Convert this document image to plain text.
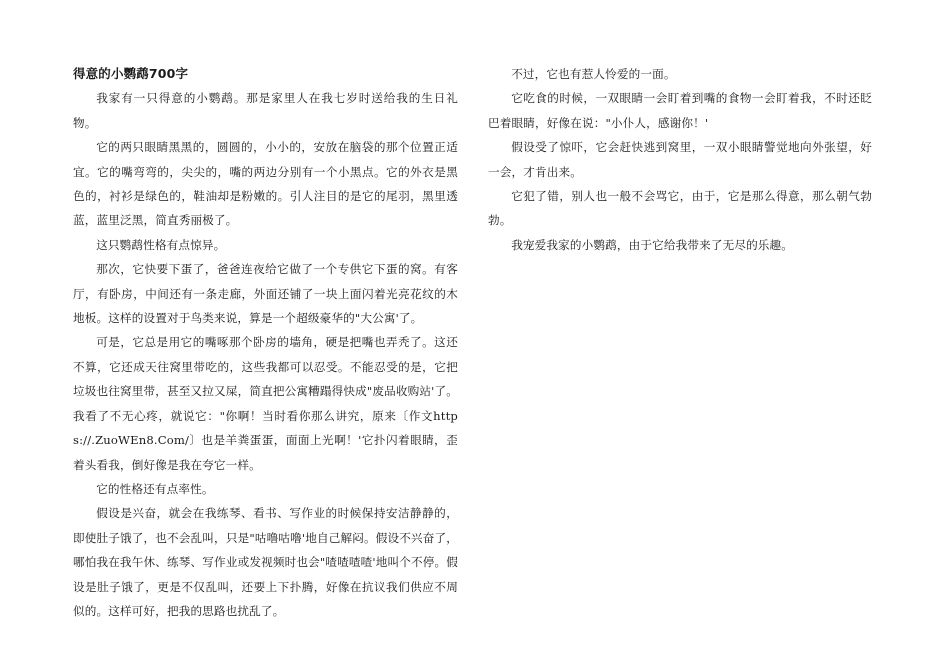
得意的小鹦鹉700字

我家有一只得意的小鹦鹉。那是家里人在我七岁时送给我的生日礼物。

它的两只眼睛黑黑的，圆圆的，小小的，安放在脑袋的那个位置正适宜。它的嘴弯弯的，尖尖的，嘴的两边分别有一个小黑点。它的外衣是黑色的，衬衫是绿色的，鞋油却是粉嫩的。引人注目的是它的尾羽，黑里透蓝，蓝里泛黑，简直秀丽极了。

这只鹦鹉性格有点惊异。

那次，它快要下蛋了，爸爸连夜给它做了一个专供它下蛋的窝。有客厅，有卧房，中间还有一条走廊，外面还铺了一块上面闪着光亮花纹的木地板。这样的设置对于鸟类来说，算是一个超级豪华的"大公寓'了。

可是，它总是用它的嘴啄那个卧房的墙角，硬是把嘴也弄秃了。这还不算，它还成天往窝里带吃的，这些我都可以忍受。不能忍受的是，它把垃圾也往窝里带，甚至又拉又屎，简直把公寓糟蹋得快成"废品收购站'了。我看了不无心疼，就说它："你啊！当时看你那么讲究，原来〔作文https://.ZuoWEn8.Com/〕也是羊粪蛋蛋，面面上光啊！'它扑闪着眼睛，歪着头看我，倒好像是我在夸它一样。

它的性格还有点率性。

假设是兴奋，就会在我练琴、看书、写作业的时候保持安洁静静的，即使肚子饿了，也不会乱叫，只是"咕噜咕噜'地自己解闷。假设不兴奋了，哪怕我在我午休、练琴、写作业或发视频时也会"喳喳喳喳'地叫个不停。假设是肚子饿了，更是不仅乱叫，还要上下扑腾，好像在抗议我们供应不周似的。这样可好，把我的思路也扰乱了。

不过，它也有惹人怜爱的一面。

它吃食的时候，一双眼睛一会盯着到嘴的食物一会盯着我，不时还眨巴着眼睛，好像在说："小仆人，感谢你！'

假设受了惊吓，它会赶快逃到窝里，一双小眼睛警觉地向外张望，好一会，才肯出来。

它犯了错，别人也一般不会骂它，由于，它是那么得意，那么朝气勃勃。

我宠爱我家的小鹦鹉，由于它给我带来了无尽的乐趣。
